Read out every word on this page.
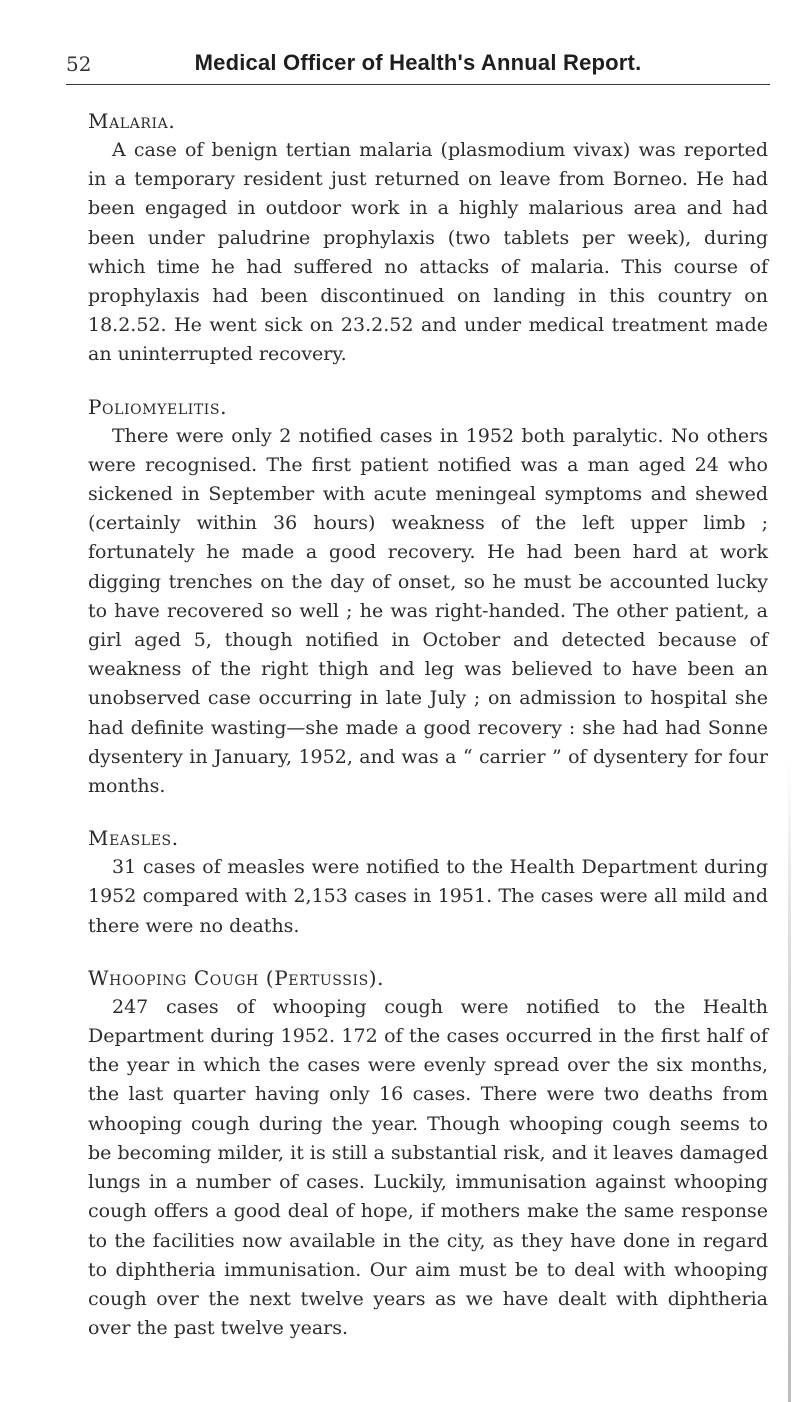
52	Medical Officer of Health's Annual Report.
Malaria.

A case of benign tertian malaria (plasmodium vivax) was reported in a temporary resident just returned on leave from Borneo. He had been engaged in outdoor work in a highly malarious area and had been under paludrine prophylaxis (two tablets per week), during which time he had suffered no attacks of malaria. This course of prophylaxis had been discontinued on landing in this country on 18.2.52. He went sick on 23.2.52 and under medical treatment made an uninterrupted recovery.

Poliomyelitis.

There were only 2 notified cases in 1952 both paralytic. No others were recognised. The first patient notified was a man aged 24 who sickened in September with acute meningeal symptoms and shewed (certainly within 36 hours) weakness of the left upper limb ; fortunately he made a good recovery. He had been hard at work digging trenches on the day of onset, so he must be accounted lucky to have recovered so well ; he was right-handed. The other patient, a girl aged 5, though notified in October and detected because of weakness of the right thigh and leg was believed to have been an unobserved case occurring in late July ; on admission to hospital she had definite wasting—she made a good recovery : she had had Sonne dysentery in January, 1952, and was a “ carrier ” of dysentery for four months.

Measles.

31 cases of measles were notified to the Health Department during 1952 compared with 2,153 cases in 1951. The cases were all mild and there were no deaths.

Whooping Cough (Pertussis).

247 cases of whooping cough were notified to the Health Department during 1952. 172 of the cases occurred in the first half of the year in which the cases were evenly spread over the six months, the last quarter having only 16 cases. There were two deaths from whooping cough during the year. Though whooping cough seems to be becoming milder, it is still a substantial risk, and it leaves damaged lungs in a number of cases. Luckily, immunisation against whooping cough offers a good deal of hope, if mothers make the same response to the facilities now available in the city, as they have done in regard to diphtheria immunisation. Our aim must be to deal with whooping cough over the next twelve years as we have dealt with diphtheria over the past twelve years.
